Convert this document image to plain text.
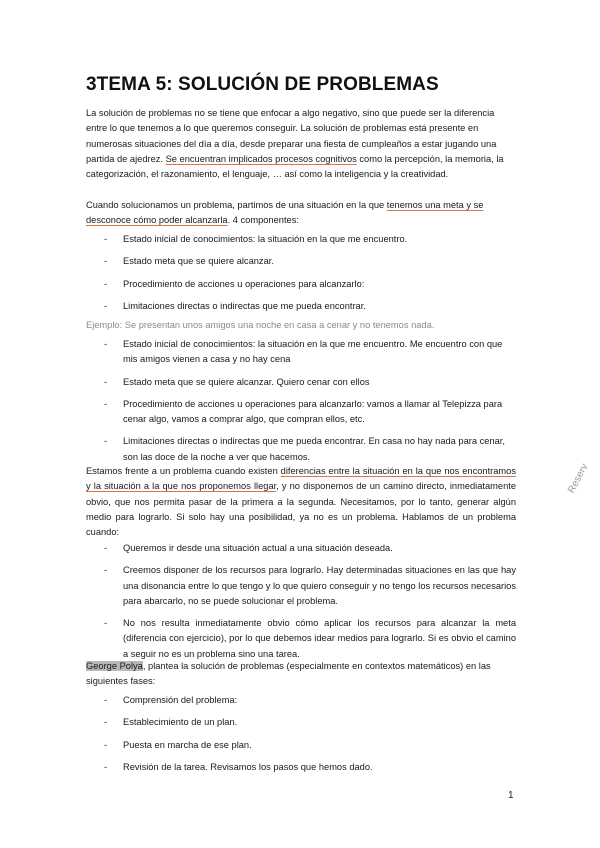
3TEMA 5: SOLUCIÓN DE PROBLEMAS

La solución de problemas no se tiene que enfocar a algo negativo, sino que puede ser la diferencia entre lo que tenemos a lo que queremos conseguir. La solución de problemas está presente en numerosas situaciones del día a día, desde preparar una fiesta de cumpleaños a estar jugando una partida de ajedrez. Se encuentran implicados procesos cognitivos como la percepción, la memoria, la categorización, el razonamiento, el lenguaje, … así como la inteligencia y la creatividad.

Cuando solucionamos un problema, partimos de una situación en la que tenemos una meta y se desconoce cómo poder alcanzarla. 4 componentes:

- Estado inicial de conocimientos: la situación en la que me encuentro.
- Estado meta que se quiere alcanzar.
- Procedimiento de acciones u operaciones para alcanzarlo:
- Limitaciones directas o indirectas que me pueda encontrar.

Ejemplo: Se presentan unos amigos una noche en casa a cenar y no tenemos nada.

- Estado inicial de conocimientos: la situación en la que me encuentro. Me encuentro con que mis amigos vienen a casa y no hay cena
- Estado meta que se quiere alcanzar. Quiero cenar con ellos
- Procedimiento de acciones u operaciones para alcanzarlo: vamos a llamar al Telepizza para cenar algo, vamos a comprar algo, que compran ellos, etc.
- Limitaciones directas o indirectas que me pueda encontrar. En casa no hay nada para cenar, son las doce de la noche a ver que hacemos.

Estamos frente a un problema cuando existen diferencias entre la situación en la que nos encontramos y la situación a la que nos proponemos llegar, y no disponemos de un camino directo, inmediatamente obvio, que nos permita pasar de la primera a la segunda. Necesitamos, por lo tanto, generar algún medio para lograrlo. Si solo hay una posibilidad, ya no es un problema. Hablamos de un problema cuando:

- Queremos ir desde una situación actual a una situación deseada.
- Creemos disponer de los recursos para lograrlo. Hay determinadas situaciones en las que hay una disonancia entre lo que tengo y lo que quiero conseguir y no tengo los recursos necesarios para abarcarlo, no se puede solucionar el problema.
- No nos resulta inmediatamente obvio cómo aplicar los recursos para alcanzar la meta (diferencia con ejercicio), por lo que debemos idear medios para lograrlo. Si es obvio el camino a seguir no es un problema sino una tarea.

George Polya, plantea la solución de problemas (especialmente en contextos matemáticos) en las siguientes fases:

- Comprensión del problema:
- Establecimiento de un plan.
- Puesta en marcha de ese plan.
- Revisión de la tarea. Revisamos los pasos que hemos dado.
1
Reserv
